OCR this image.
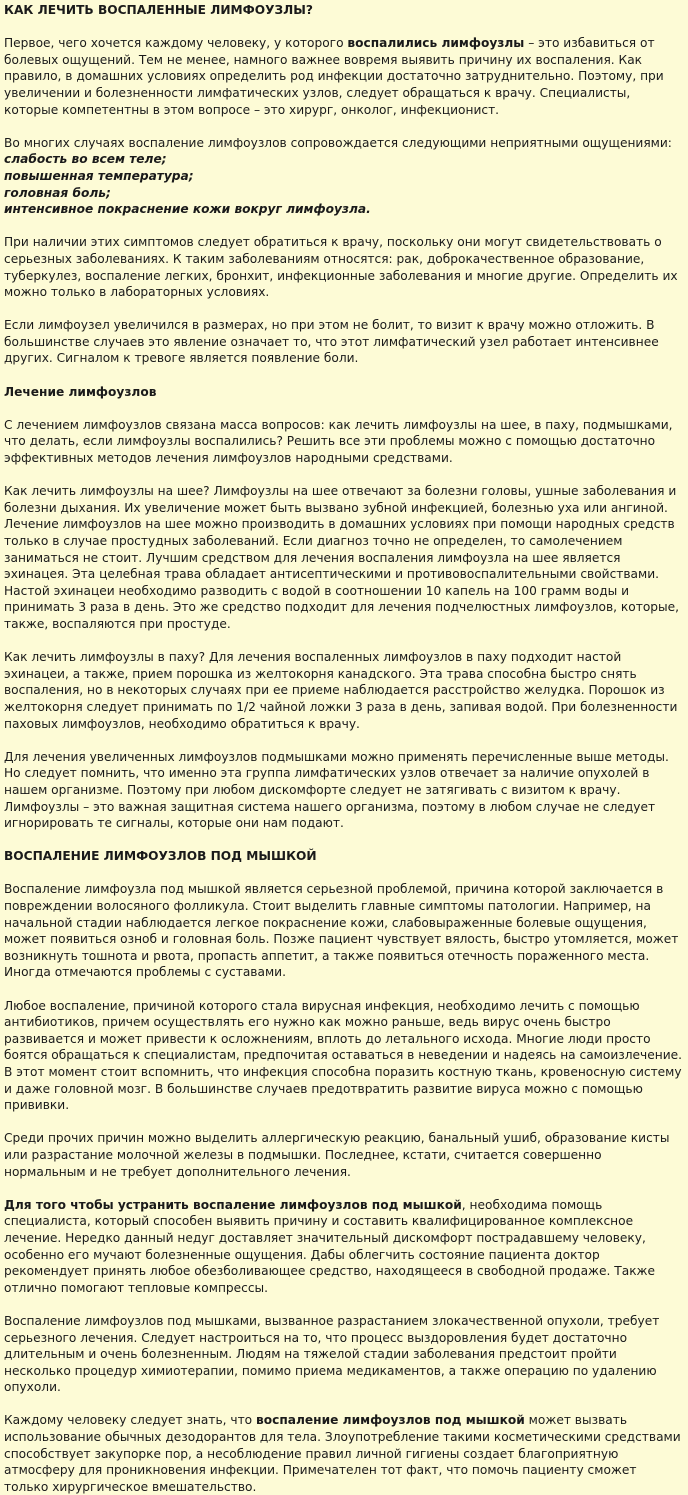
КАК ЛЕЧИТЬ ВОСПАЛЕННЫЕ ЛИМФОУЗЛЫ?

Первое, чего хочется каждому человеку, у которого воспалились лимфоузлы – это избавиться от болевых ощущений. Тем не менее, намного важнее вовремя выявить причину их воспаления. Как правило, в домашних условиях определить род инфекции достаточно затруднительно. Поэтому, при увеличении и болезненности лимфатических узлов, следует обращаться к врачу. Специалисты, которые компетентны в этом вопросе – это хирург, онколог, инфекционист.

Во многих случаях воспаление лимфоузлов сопровождается следующими неприятными ощущениями:
слабость во всем теле;
повышенная температура;
головная боль;
интенсивное покраснение кожи вокруг лимфоузла.

При наличии этих симптомов следует обратиться к врачу, поскольку они могут свидетельствовать о серьезных заболеваниях. К таким заболеваниям относятся: рак, доброкачественное образование, туберкулез, воспаление легких, бронхит, инфекционные заболевания и многие другие. Определить их можно только в лабораторных условиях.

Если лимфоузел увеличился в размерах, но при этом не болит, то визит к врачу можно отложить. В большинстве случаев это явление означает то, что этот лимфатический узел работает интенсивнее других. Сигналом к тревоге является появление боли.

Лечение лимфоузлов

С лечением лимфоузлов связана масса вопросов: как лечить лимфоузлы на шее, в паху, подмышками, что делать, если лимфоузлы воспалились? Решить все эти проблемы можно с помощью достаточно эффективных методов лечения лимфоузлов народными средствами.

Как лечить лимфоузлы на шее? Лимфоузлы на шее отвечают за болезни головы, ушные заболевания и болезни дыхания. Их увеличение может быть вызвано зубной инфекцией, болезнью уха или ангиной. Лечение лимфоузлов на шее можно производить в домашних условиях при помощи народных средств только в случае простудных заболеваний. Если диагноз точно не определен, то самолечением заниматься не стоит. Лучшим средством для лечения воспаления лимфоузла на шее является эхинацея. Эта целебная трава обладает антисептическими и противовоспалительными свойствами. Настой эхинацеи необходимо разводить с водой в соотношении 10 капель на 100 грамм воды и принимать 3 раза в день. Это же средство подходит для лечения подчелюстных лимфоузлов, которые, также, воспаляются при простуде.

Как лечить лимфоузлы в паху? Для лечения воспаленных лимфоузлов в паху подходит настой эхинацеи, а также, прием порошка из желтокорня канадского. Эта трава способна быстро снять воспаления, но в некоторых случаях при ее приеме наблюдается расстройство желудка. Порошок из желтокорня следует принимать по 1/2 чайной ложки 3 раза в день, запивая водой. При болезненности паховых лимфоузлов, необходимо обратиться к врачу.

Для лечения увеличенных лимфоузлов подмышками можно применять перечисленные выше методы. Но следует помнить, что именно эта группа лимфатических узлов отвечает за наличие опухолей в нашем организме. Поэтому при любом дискомфорте следует не затягивать с визитом к врачу.
Лимфоузлы – это важная защитная система нашего организма, поэтому в любом случае не следует игнорировать те сигналы, которые они нам подают.
ВОСПАЛЕНИЕ ЛИМФОУЗЛОВ ПОД МЫШКОЙ

Воспаление лимфоузла под мышкой является серьезной проблемой, причина которой заключается в повреждении волосяного фолликула. Стоит выделить главные симптомы патологии. Например, на начальной стадии наблюдается легкое покраснение кожи, слабовыраженные болевые ощущения, может появиться озноб и головная боль. Позже пациент чувствует вялость, быстро утомляется, может возникнуть тошнота и рвота, пропасть аппетит, а также появиться отечность пораженного места. Иногда отмечаются проблемы с суставами.

Любое воспаление, причиной которого стала вирусная инфекция, необходимо лечить с помощью антибиотиков, причем осуществлять его нужно как можно раньше, ведь вирус очень быстро развивается и может привести к осложнениям, вплоть до летального исхода. Многие люди просто боятся обращаться к специалистам, предпочитая оставаться в неведении и надеясь на самоизлечение. В этот момент стоит вспомнить, что инфекция способна поразить костную ткань, кровеносную систему и даже головной мозг. В большинстве случаев предотвратить развитие вируса можно с помощью прививки.

Среди прочих причин можно выделить аллергическую реакцию, банальный ушиб, образование кисты или разрастание молочной железы в подмышки. Последнее, кстати, считается совершенно нормальным и не требует дополнительного лечения.

Для того чтобы устранить воспаление лимфоузлов под мышкой, необходима помощь специалиста, который способен выявить причину и составить квалифицированное комплексное лечение. Нередко данный недуг доставляет значительный дискомфорт пострадавшему человеку, особенно его мучают болезненные ощущения. Дабы облегчить состояние пациента доктор рекомендует принять любое обезболивающее средство, находящееся в свободной продаже. Также отлично помогают тепловые компрессы.

Воспаление лимфоузлов под мышками, вызванное разрастанием злокачественной опухоли, требует серьезного лечения. Следует настроиться на то, что процесс выздоровления будет достаточно длительным и очень болезненным. Людям на тяжелой стадии заболевания предстоит пройти несколько процедур химиотерапии, помимо приема медикаментов, а также операцию по удалению опухоли.

Каждому человеку следует знать, что воспаление лимфоузлов под мышкой может вызвать использование обычных дезодорантов для тела. Злоупотребление такими косметическими средствами способствует закупорке пор, а несоблюдение правил личной гигиены создает благоприятную атмосферу для проникновения инфекции. Примечателен тот факт, что помочь пациенту сможет только хирургическое вмешательство.
